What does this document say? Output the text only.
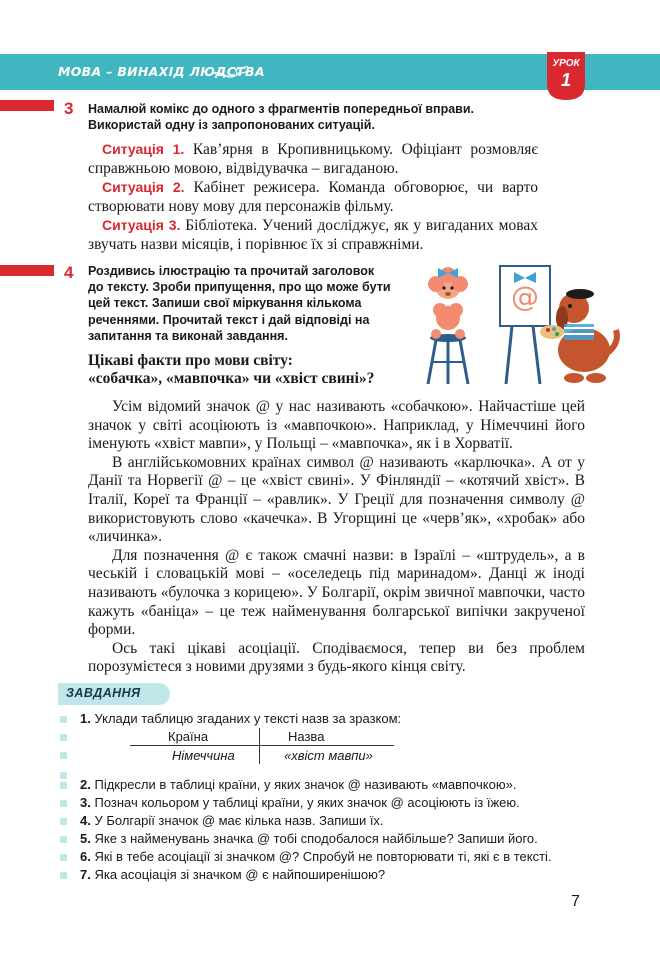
МОВА – ВИНАХІД ЛЮДСТВА
УРОК
1
3 Намалюй комікс до одного з фрагментів попередньої вправи.
Використай одну із запропонованих ситуацій.

Ситуація 1. Кав’ярня в Кропивницькому. Офіціант розмовляє справжньою мовою, відвідувачка – вигаданою.

Ситуація 2. Кабінет режисера. Команда обговорює, чи варто створювати нову мову для персонажів фільму.

Ситуація 3. Бібліотека. Учений досліджує, як у вигаданих мовах звучать назви місяців, і порівнює їх зі справжніми.

4 Роздивись ілюстрацію та прочитай заголовок
до тексту. Зроби припущення, про що може бути
цей текст. Запиши свої міркування кількома
реченнями. Прочитай текст і дай відповіді на
запитання та виконай завдання.
@
Цікаві факти про мови світу:
«собачка», «мавпочка» чи «хвіст свині»?

Усім відомий значок @ у нас називають «собачкою». Найчастіше цей значок у світі асоціюють із «мавпочкою». Наприклад, у Німеччині його іменують «хвіст мавпи», у Польщі – «мавпочка», як і в Хорватії.

В англійськомовних країнах символ @ називають «карлючка». А от у Данії та Норвегії @ – це «хвіст свині». У Фінляндії – «котячий хвіст». В Італії, Кореї та Франції – «равлик». У Греції для позначення символу @ використовують слово «качечка». В Угорщині це «черв’як», «хробак» або «личинка».

Для позначення @ є також смачні назви: в Ізраїлі – «штрудель», а в чеській і словацькій мові – «оселедець під маринадом». Данці ж іноді називають «булочка з корицею». У Болгарії, окрім звичної мавпочки, часто кажуть «баніца» – це теж найменування болгарської випічки закрученої форми.

Ось такі цікаві асоціації. Сподіваємося, тепер ви без проблем порозумієтеся з новими друзями з будь-якого кінця світу.

ЗАВДАННЯ
1. Уклади таблицю згаданих у тексті назв за зразком:
Країна	Назва
Німеччина	«хвіст мавпи»
2. Підкресли в таблиці країни, у яких значок @ називають «мавпочкою».
3. Познач кольором у таблиці країни, у яких значок @ асоціюють із їжею.
4. У Болгарії значок @ має кілька назв. Запиши їх.
5. Яке з найменувань значка @ тобі сподобалося найбільше? Запиши його.
6. Які в тебе асоціації зі значком @? Спробуй не повторювати ті, які є в тексті.
7. Яка асоціація зі значком @ є найпоширенішою?
7
